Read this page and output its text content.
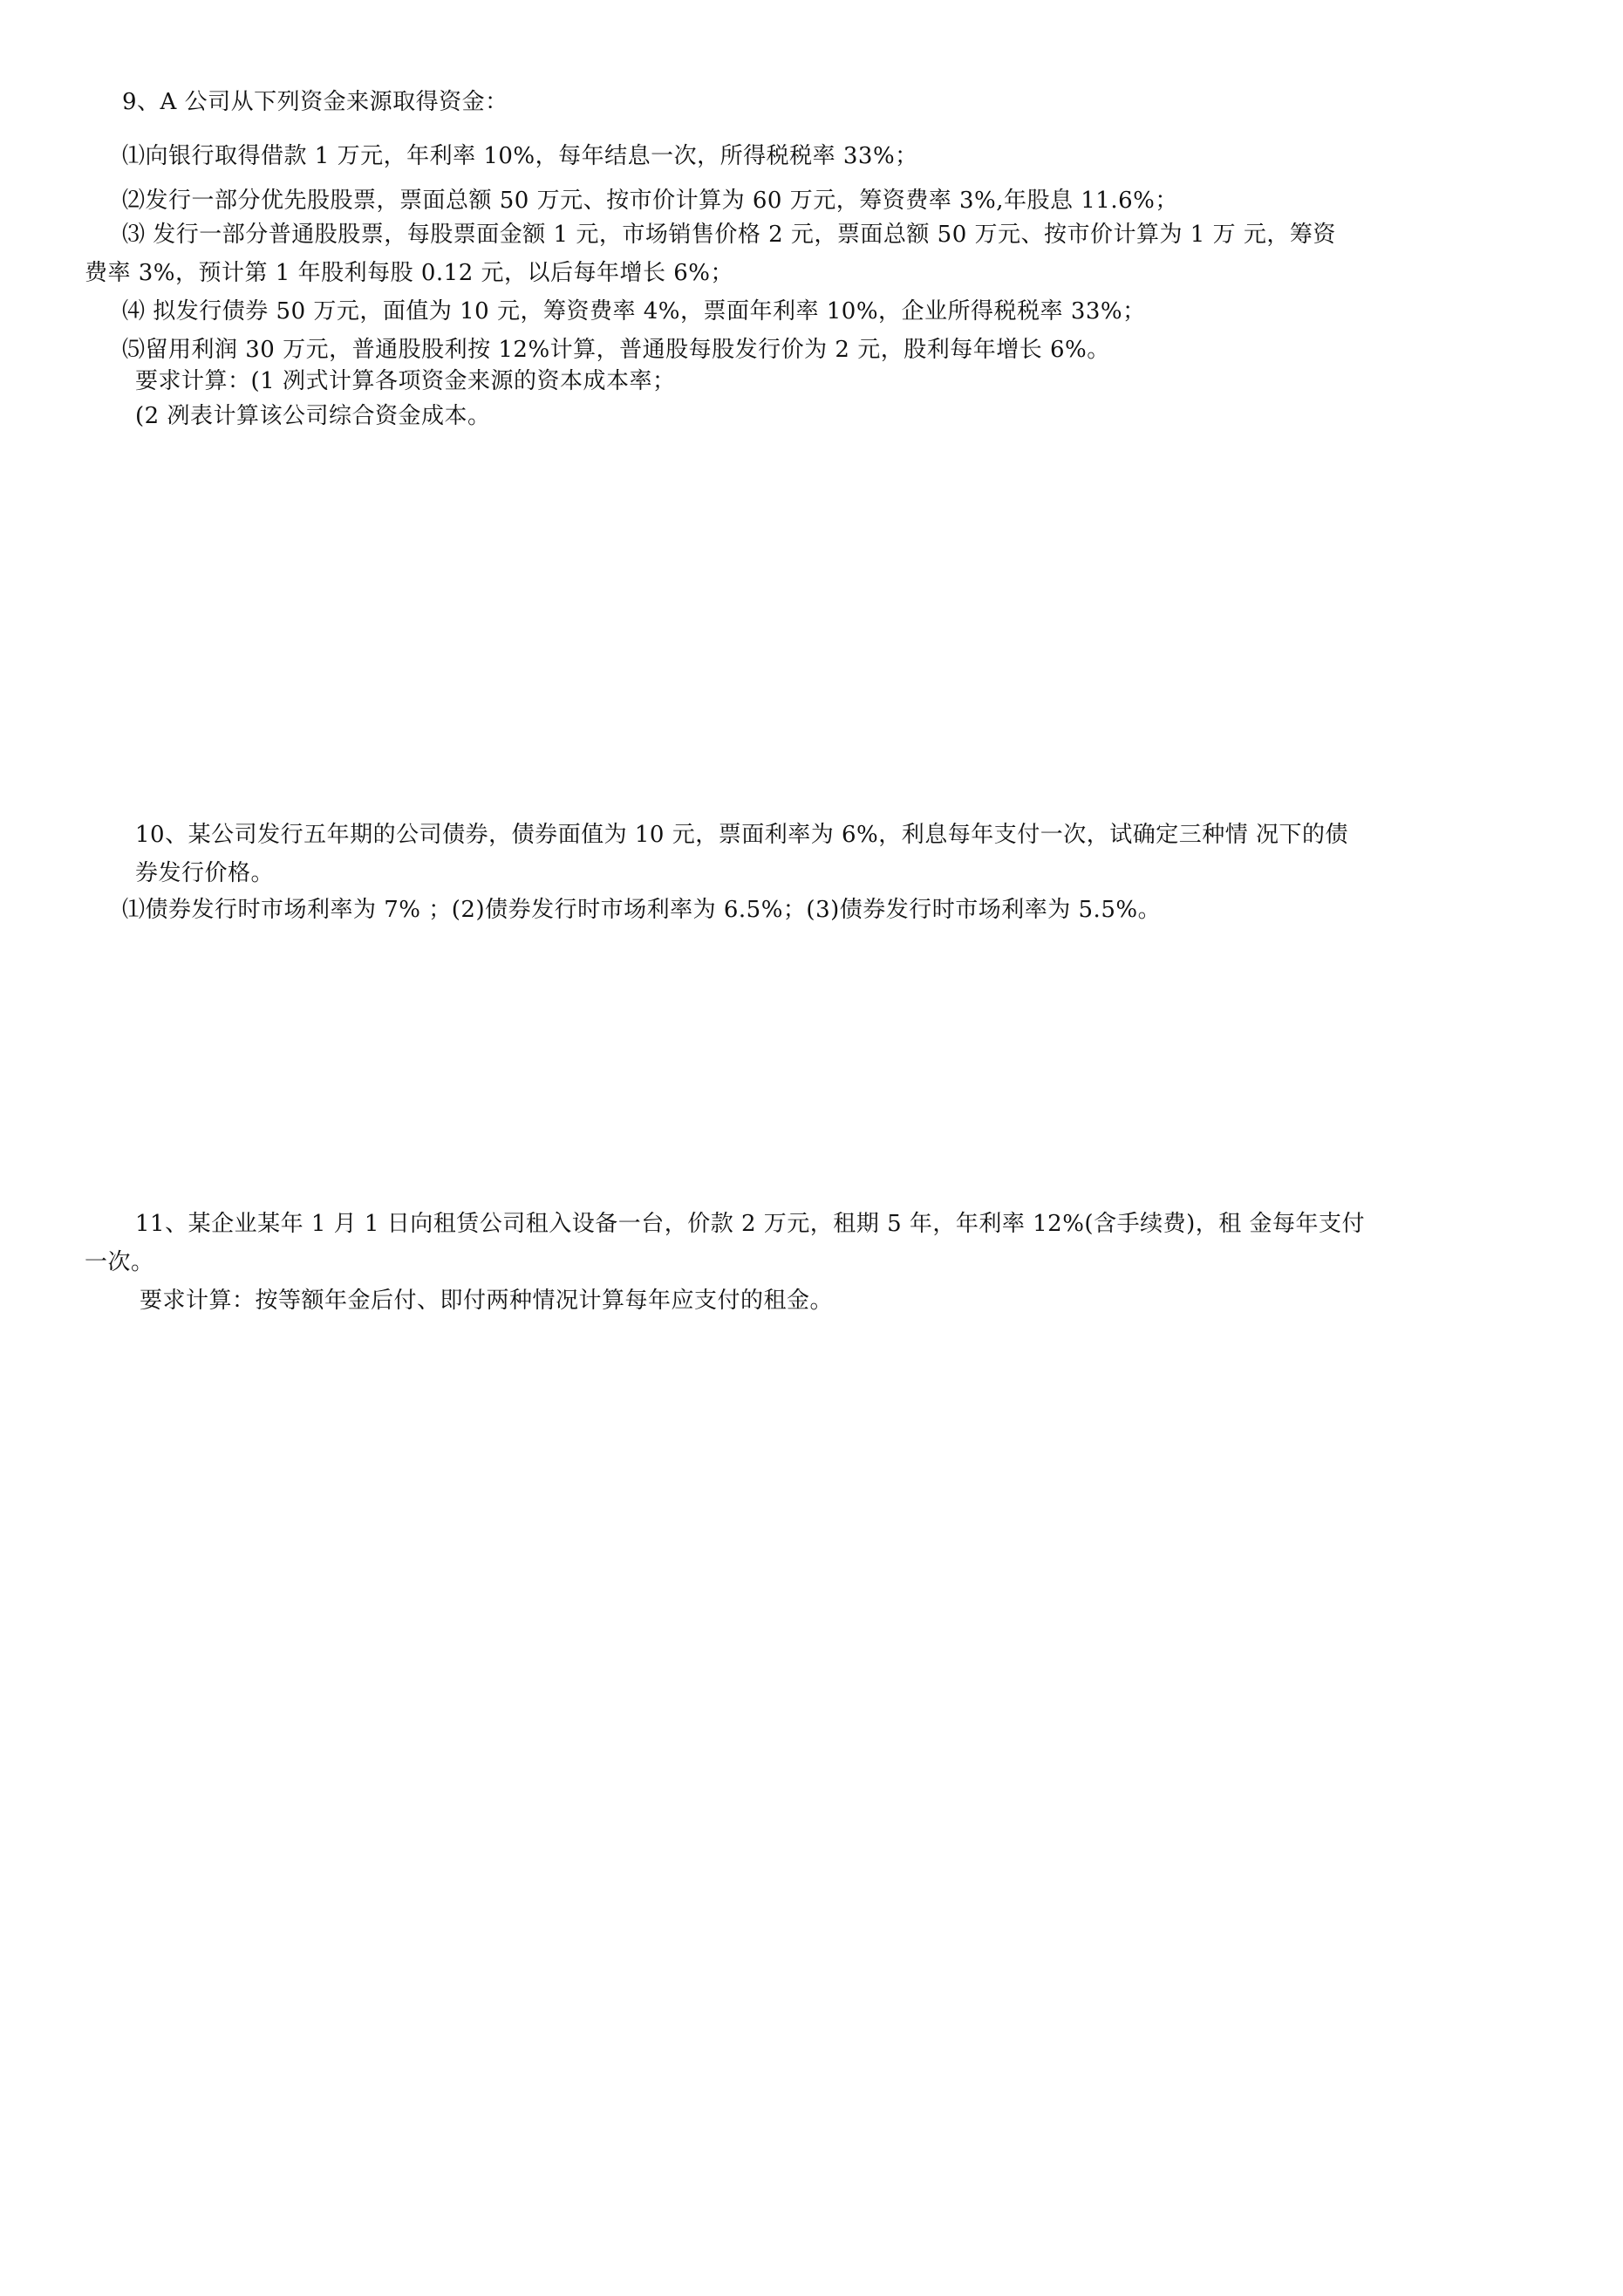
9、A 公司从下列资金来源取得资金：
⑴向银行取得借款 1 万元，年利率 10%，每年结息一次，所得税税率 33%；
⑵发行一部分优先股股票，票面总额 50 万元、按市价计算为 60 万元，筹资费率 3%,年股息 11.6%；
⑶ 发行一部分普通股股票，每股票面金额 1 元，市场销售价格 2 元，票面总额 50 万元、按市价计算为 1 万 元，筹资
费率 3%，预计第 1 年股利每股 0.12 元，以后每年增长 6%；
⑷ 拟发行债券 50 万元，面值为 10 元，筹资费率 4%，票面年利率 10%，企业所得税税率 33%；
⑸留用利润 30 万元，普通股股利按 12%计算，普通股每股发行价为 2 元，股利每年增长 6%。
要求计算：(1 冽式计算各项资金来源的资本成本率；
(2 冽表计算该公司综合资金成本。
10、某公司发行五年期的公司债券，债券面值为 10 元，票面利率为 6%，利息每年支付一次，试确定三种情 况下的债
券发行价格。
⑴债券发行时市场利率为 7% ；(2)债券发行时市场利率为 6.5%；(3)债券发行时市场利率为 5.5%。
11、某企业某年 1 月 1 日向租赁公司租入设备一台，价款 2 万元，租期 5 年，年利率 12%(含手续费)，租 金每年支付
一次。
要求计算：按等额年金后付、即付两种情况计算每年应支付的租金。
